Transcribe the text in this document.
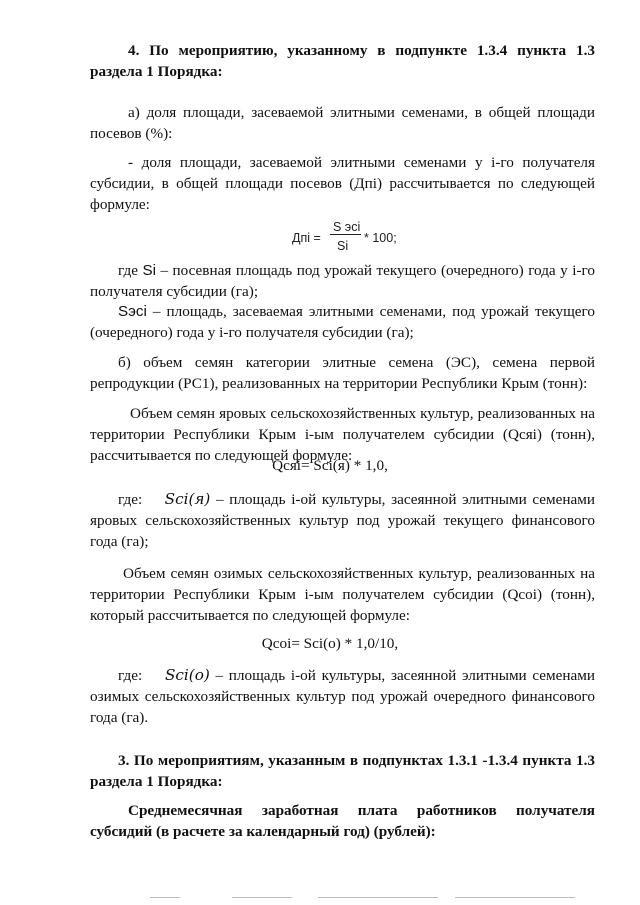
4. По мероприятию, указанному в подпункте 1.3.4 пункта 1.3 раздела 1 Порядка:

а) доля площади, засеваемой элитными семенами, в общей площади посевов (%):

- доля площади, засеваемой элитными семенами у i-го получателя субсидии, в общей площади посевов (Дпi) рассчитывается по следующей формуле:

Дпi =
S эсi
Si
* 100;

где Si – посевная площадь под урожай текущего (очередного) года у i-го получателя субсидии (га);

Sэсi – площадь, засеваемая элитными семенами, под урожай текущего (очередного) года у i-го получателя субсидии (га);

б) объем семян категории элитные семена (ЭС), семена первой репродукции (РС1), реализованных на территории Республики Крым (тонн):

Объем семян яровых сельскохозяйственных культур, реализованных на территории Республики Крым i-ым получателем субсидии (Qсяi) (тонн), рассчитывается по следующей формуле:

Qсяi= Sci(я) * 1,0,

где: Sci(я) – площадь i-ой культуры, засеянной элитными семенами яровых сельскохозяйственных культур под урожай текущего финансового года (га);

Объем семян озимых сельскохозяйственных культур, реализованных на территории Республики Крым i-ым получателем субсидии (Qсоi) (тонн), который рассчитывается по следующей формуле:

Qсоi= Sci(о) * 1,0/10,

где: Sci(o) – площадь i-ой культуры, засеянной элитными семенами озимых сельскохозяйственных культур под урожай очередного финансового года (га).

3. По мероприятиям, указанным в подпунктах 1.3.1 -1.3.4 пункта 1.3 раздела 1 Порядка:

Среднемесячная заработная плата работников получателя субсидий (в расчете за календарный год) (рублей):
